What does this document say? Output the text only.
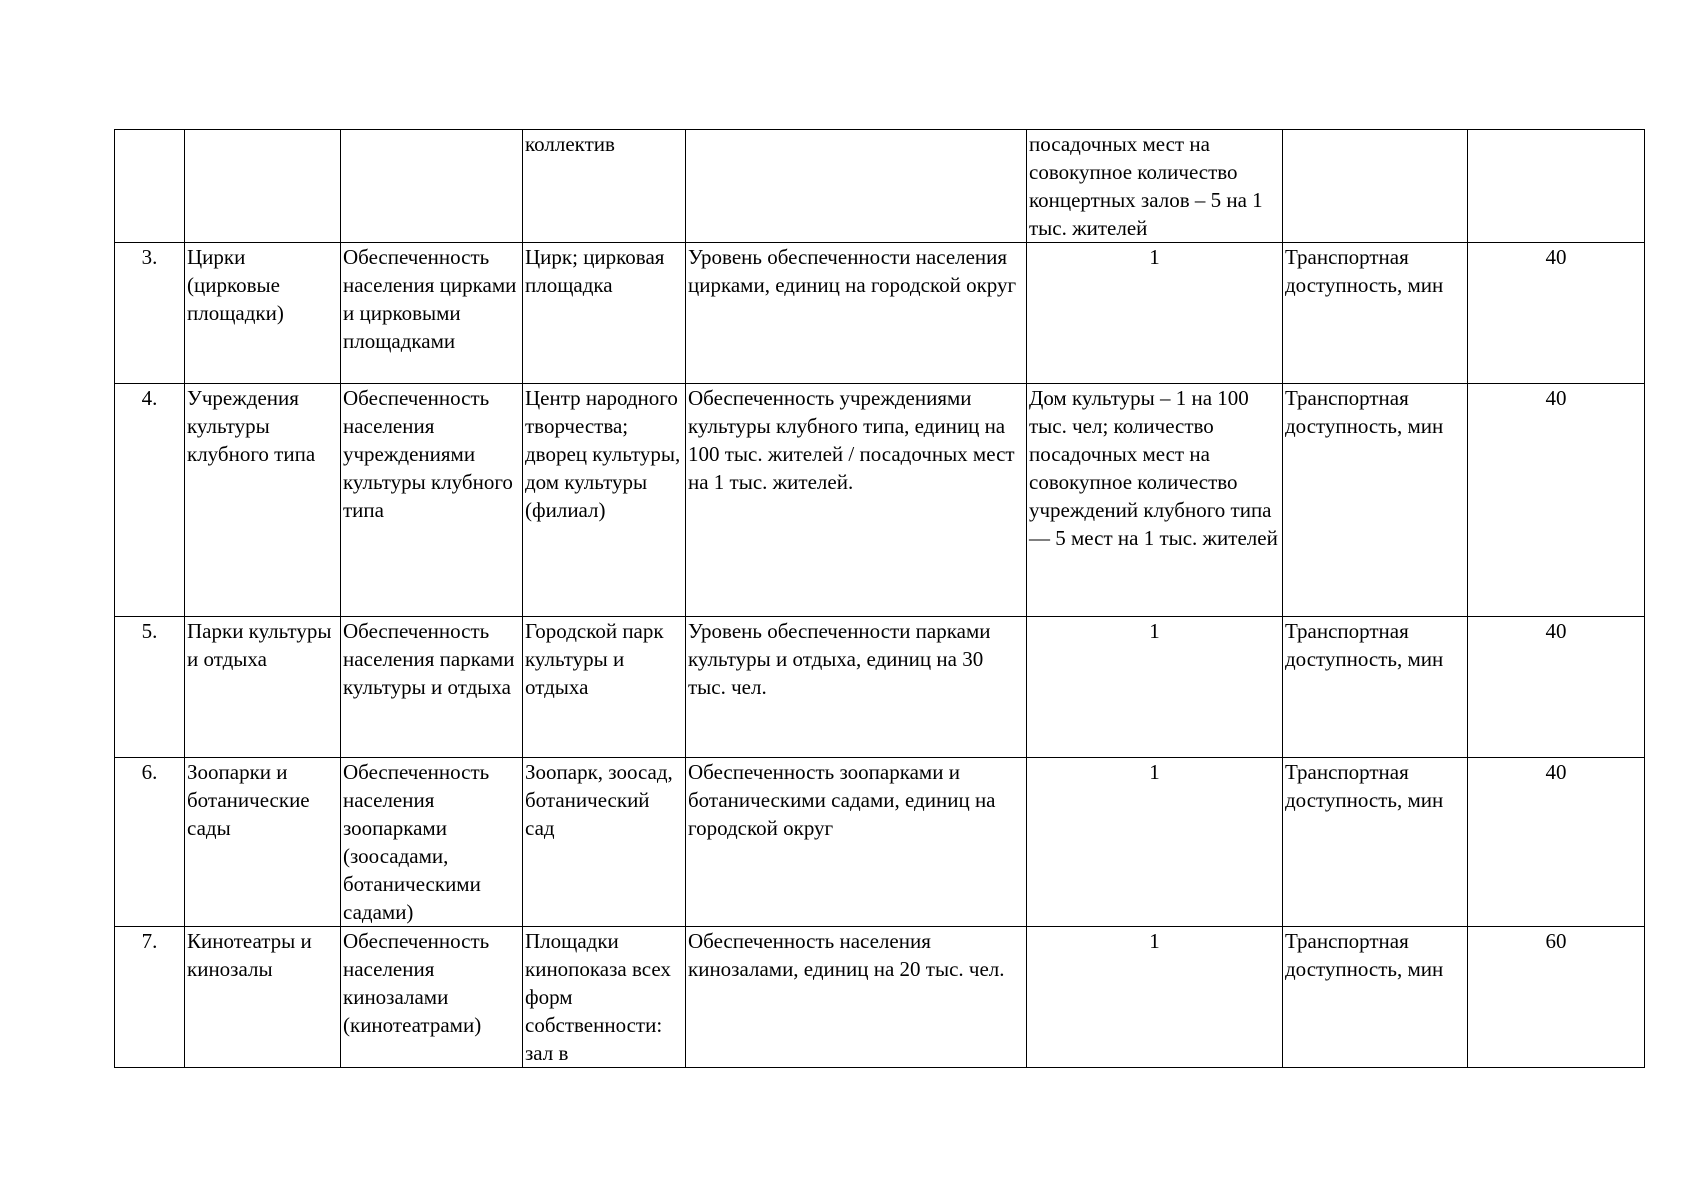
			коллектив		посадочных мест на совокупное количество концертных залов – 5 на 1 тыс. жителей		
3.	Цирки (цирковые площадки)	Обеспеченность населения цирками и цирковыми площадками	Цирк; цирковая площадка	Уровень обеспеченности населения цирками, единиц на городской округ	1	Транспортная доступность, мин	40
4.	Учреждения культуры клубного типа	Обеспеченность населения учреждениями культуры клубного типа	Центр народного творчества; дворец культуры, дом культуры (филиал)	Обеспеченность учреждениями культуры клубного типа, единиц на 100 тыс. жителей / посадочных мест на 1 тыс. жителей.	Дом культуры – 1 на 100 тыс. чел; количество посадочных мест на совокупное количество учреждений клубного типа — 5 мест на 1 тыс. жителей	Транспортная доступность, мин	40
5.	Парки культуры и отдыха	Обеспеченность населения парками культуры и отдыха	Городской парк культуры и отдыха	Уровень обеспеченности парками культуры и отдыха, единиц на 30 тыс. чел.	1	Транспортная доступность, мин	40
6.	Зоопарки и ботанические сады	Обеспеченность населения зоопарками (зоосадами, ботаническими садами)	Зоопарк, зоосад, ботанический сад	Обеспеченность зоопарками и ботаническими садами, единиц на городской округ	1	Транспортная доступность, мин	40
7.	Кинотеатры и кинозалы	Обеспеченность населения кинозалами (кинотеатрами)	Площадки кинопоказа всех форм собственности: зал в	Обеспеченность населения кинозалами, единиц на 20 тыс. чел.	1	Транспортная доступность, мин	60
